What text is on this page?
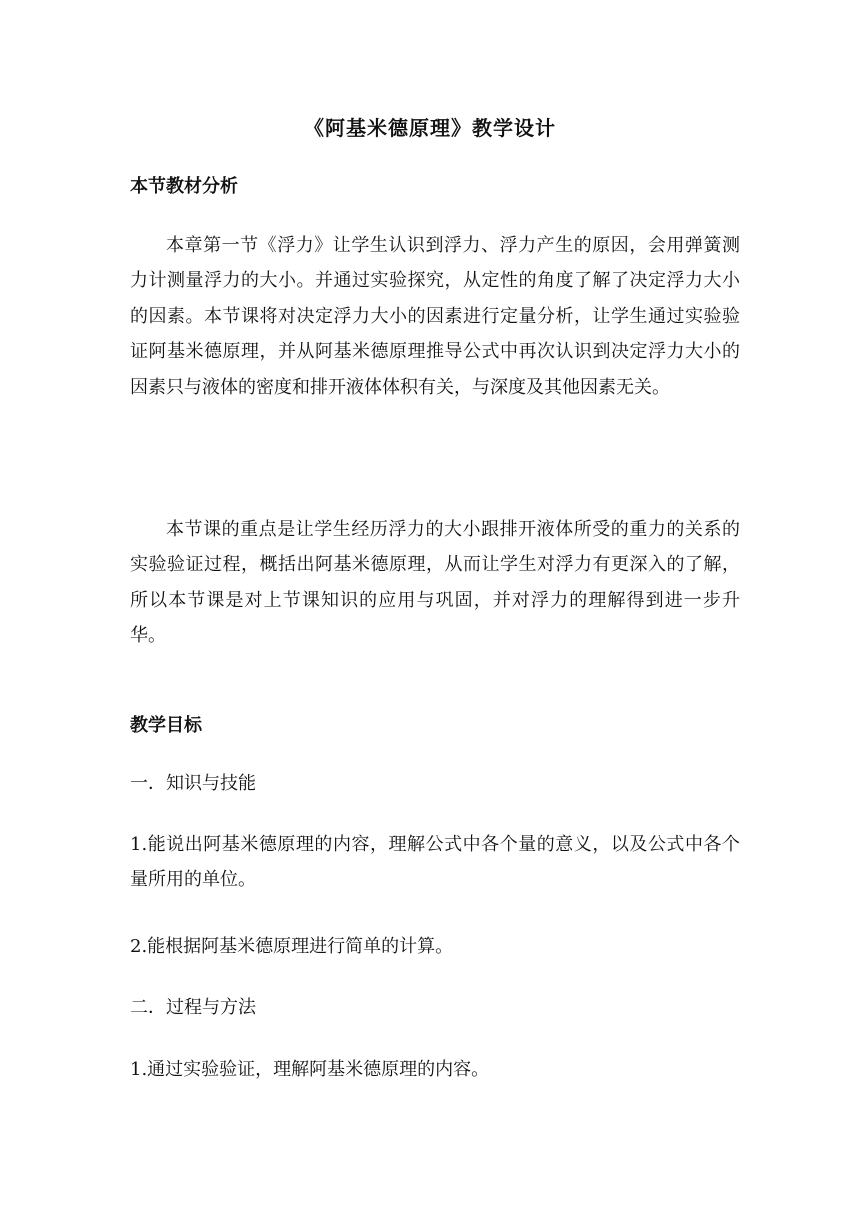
《阿基米德原理》教学设计
本节教材分析
本章第一节《浮力》让学生认识到浮力、浮力产生的原因，会用弹簧测力计测量浮力的大小。并通过实验探究，从定性的角度了解了决定浮力大小的因素。本节课将对决定浮力大小的因素进行定量分析，让学生通过实验验证阿基米德原理，并从阿基米德原理推导公式中再次认识到决定浮力大小的因素只与液体的密度和排开液体体积有关，与深度及其他因素无关。
本节课的重点是让学生经历浮力的大小跟排开液体所受的重力的关系的实验验证过程，概括出阿基米德原理，从而让学生对浮力有更深入的了解，所以本节课是对上节课知识的应用与巩固，并对浮力的理解得到进一步升华。
教学目标
一．知识与技能
1.能说出阿基米德原理的内容，理解公式中各个量的意义，以及公式中各个量所用的单位。
2.能根据阿基米德原理进行简单的计算。
二．过程与方法
1.通过实验验证，理解阿基米德原理的内容。
